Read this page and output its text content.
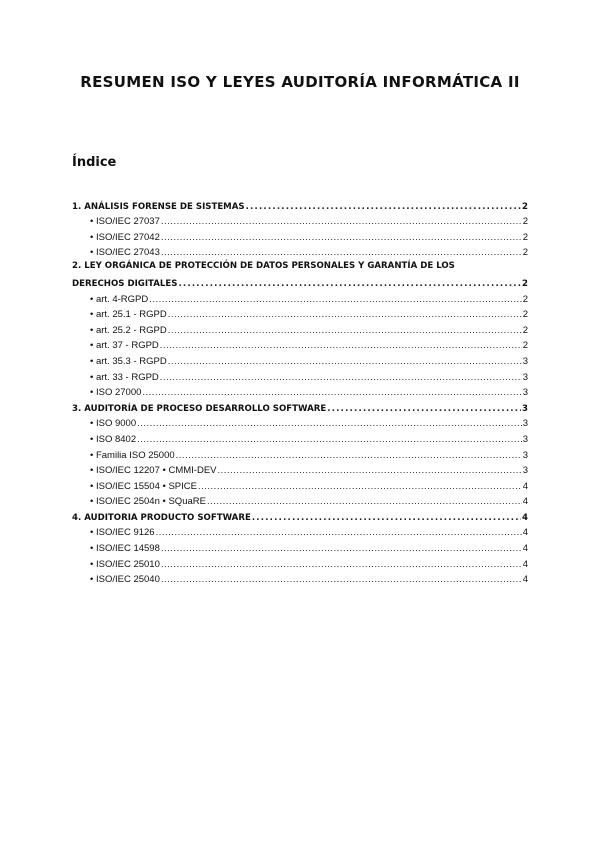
RESUMEN ISO Y LEYES AUDITORÍA INFORMÁTICA II
Índice
1. ANÁLISIS FORENSE DE SISTEMAS .....	2
• ISO/IEC 27037 .....	2
• ISO/IEC 27042 .....	2
• ISO/IEC 27043 .....	2
2. LEY ORGÁNICA DE PROTECCIÓN DE DATOS PERSONALES Y GARANTÍA DE LOS
DERECHOS DIGITALES .....	2
• art. 4-RGPD .....	2
• art. 25.1 - RGPD .....	2
• art. 25.2 - RGPD .....	2
• art. 37 - RGPD .....	2
• art. 35.3 - RGPD .....	3
• art. 33 - RGPD .....	3
• ISO 27000 .....	3
3. AUDITORÍA DE PROCESO DESARROLLO SOFTWARE .....	3
• ISO 9000 .....	3
• ISO 8402 .....	3
• Familia ISO 25000 .....	3
• ISO/IEC 12207 • CMMI-DEV .....	3
• ISO/IEC 15504 • SPICE .....	4
• ISO/IEC 2504n • SQuaRE .....	4
4. AUDITORIA PRODUCTO SOFTWARE .....	4
• ISO/IEC 9126 .....	4
• ISO/IEC 14598 .....	4
• ISO/IEC 25010 .....	4
• ISO/IEC 25040 .....	4
